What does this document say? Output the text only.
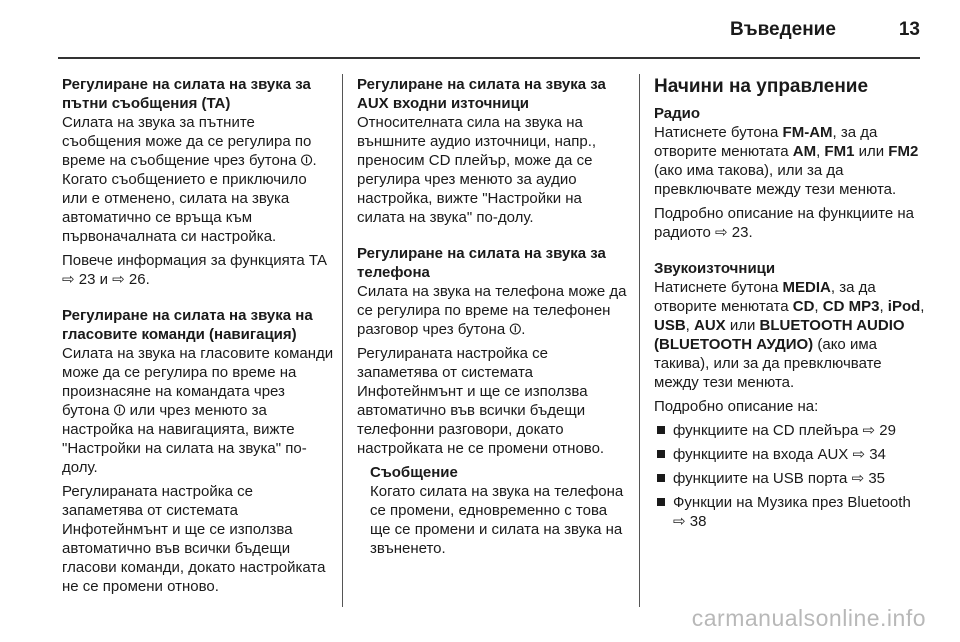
Въведение	13
Регулиране на силата на звука за пътни съобщения (TA)

Силата на звука за пътните съобщения може да се регулира по време на съобщение чрез бутона ⏼. Когато съобщението е приключило или е отменено, силата на звука автоматично се връща към първоначалната си настройка.

Повече информация за функцията TA ⇨ 23 и ⇨ 26.

Регулиране на силата на звука на гласовите команди (навигация)

Силата на звука на гласовите команди може да се регулира по време на произнасяне на командата чрез бутона ⏼ или чрез менюто за настройка на навигацията, вижте "Настройки на силата на звука" по-долу.

Регулираната настройка се запаметява от системата Инфотейнмънт и ще се използва автоматично във всички бъдещи гласови команди, докато настройката не се промени отново.

Регулиране на силата на звука за AUX входни източници

Относителната сила на звука на външните аудио източници, напр., преносим CD плейър, може да се регулира чрез менюто за аудио настройка, вижте "Настройки на силата на звука" по-долу.

Регулиране на силата на звука за телефона

Силата на звука на телефона може да се регулира по време на телефонен разговор чрез бутона ⏼.

Регулираната настройка се запаметява от системата Инфотейнмънт и ще се използва автоматично във всички бъдещи телефонни разговори, докато настройката не се промени отново.

Съобщение

Когато силата на звука на телефона се промени, едновременно с това ще се промени и силата на звука на звъненето.

Начини на управление
Радио

Натиснете бутона FM-AM, за да отворите менютата AM, FM1 или FM2 (ако има такова), или за да превключвате между тези менюта.

Подробно описание на функциите на радиото ⇨ 23.

Звукоизточници

Натиснете бутона MEDIA, за да отворите менютата CD, CD MP3, iPod, USB, AUX или BLUETOOTH AUDIO (BLUETOOTH АУДИО) (ако има такива), или за да превключвате между тези менюта.

Подробно описание на:

функциите на CD плейъра ⇨ 29
функциите на входа AUX ⇨ 34
функциите на USB порта ⇨ 35
Функции на Музика през Bluetooth ⇨ 38
carmanualsonline.info
